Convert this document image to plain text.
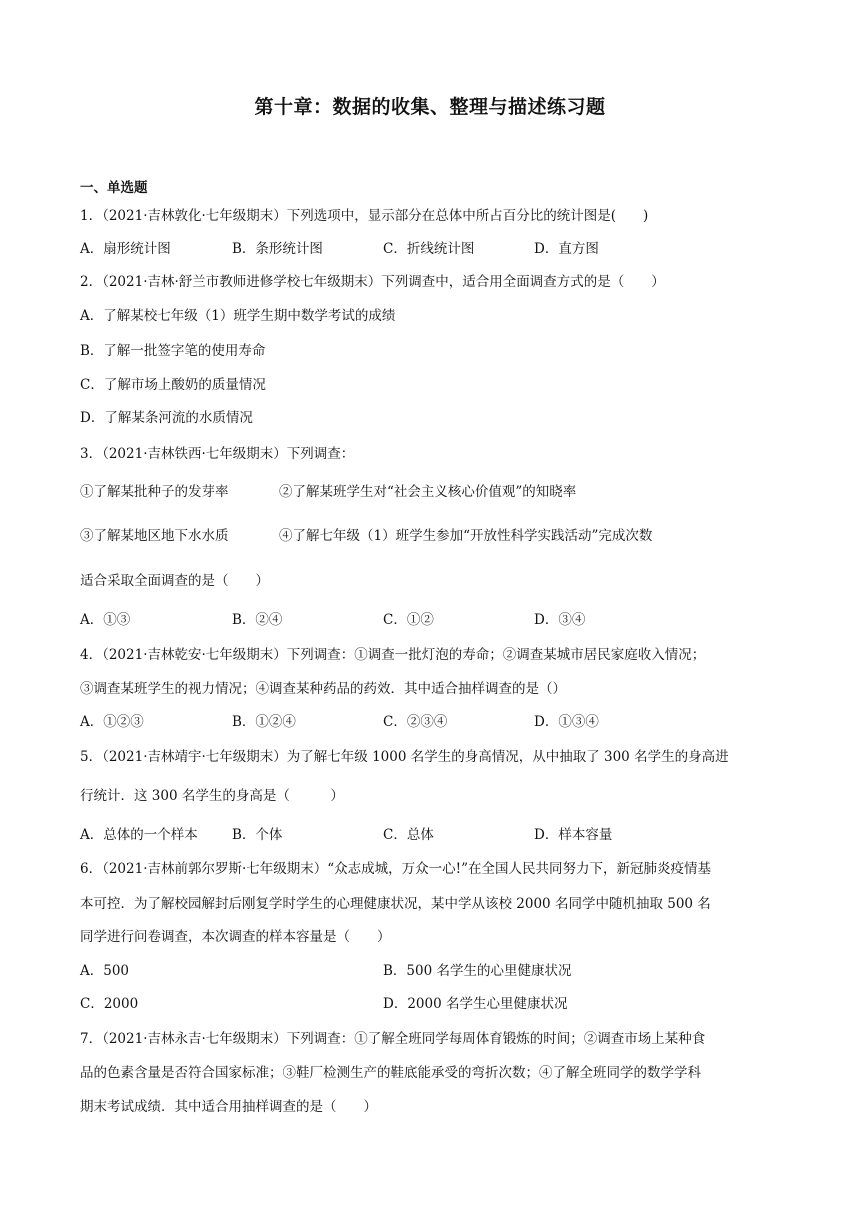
第十章：数据的收集、整理与描述练习题
一、单选题
1．（2021·吉林敦化·七年级期末）下列选项中，显示部分在总体中所占百分比的统计图是(　　)
A．扇形统计图	B．条形统计图	C．折线统计图	D．直方图
2．（2021·吉林·舒兰市教师进修学校七年级期末）下列调查中，适合用全面调查方式的是（　　）
A．了解某校七年级（1）班学生期中数学考试的成绩
B．了解一批签字笔的使用寿命
C．了解市场上酸奶的质量情况
D．了解某条河流的水质情况
3．（2021·吉林铁西·七年级期末）下列调查：
①了解某批种子的发芽率	②了解某班学生对“社会主义核心价值观”的知晓率
③了解某地区地下水水质	④了解七年级（1）班学生参加“开放性科学实践活动”完成次数
适合采取全面调查的是（　　）
A．①③	B．②④	C．①②	D．③④
4．（2021·吉林乾安·七年级期末）下列调查：①调查一批灯泡的寿命；②调查某城市居民家庭收入情况；
③调查某班学生的视力情况；④调查某种药品的药效．其中适合抽样调查的是（）
A．①②③	B．①②④	C．②③④	D．①③④
5．（2021·吉林靖宇·七年级期末）为了解七年级 1000 名学生的身高情况，从中抽取了 300 名学生的身高进
行统计．这 300 名学生的身高是（　　　）
A．总体的一个样本	B．个体	C．总体	D．样本容量
6．（2021·吉林前郭尔罗斯·七年级期末）“众志成城，万众一心!”在全国人民共同努力下，新冠肺炎疫情基
本可控．为了解校园解封后刚复学时学生的心理健康状况，某中学从该校 2000 名同学中随机抽取 500 名
同学进行问卷调查，本次调查的样本容量是（　　）
A．500	B．500 名学生的心里健康状况
C．2000	D．2000 名学生心里健康状况
7．（2021·吉林永吉·七年级期末）下列调查：①了解全班同学每周体育锻炼的时间；②调查市场上某种食
品的色素含量是否符合国家标准；③鞋厂检测生产的鞋底能承受的弯折次数；④了解全班同学的数学学科
期末考试成绩．其中适合用抽样调查的是（　　）
